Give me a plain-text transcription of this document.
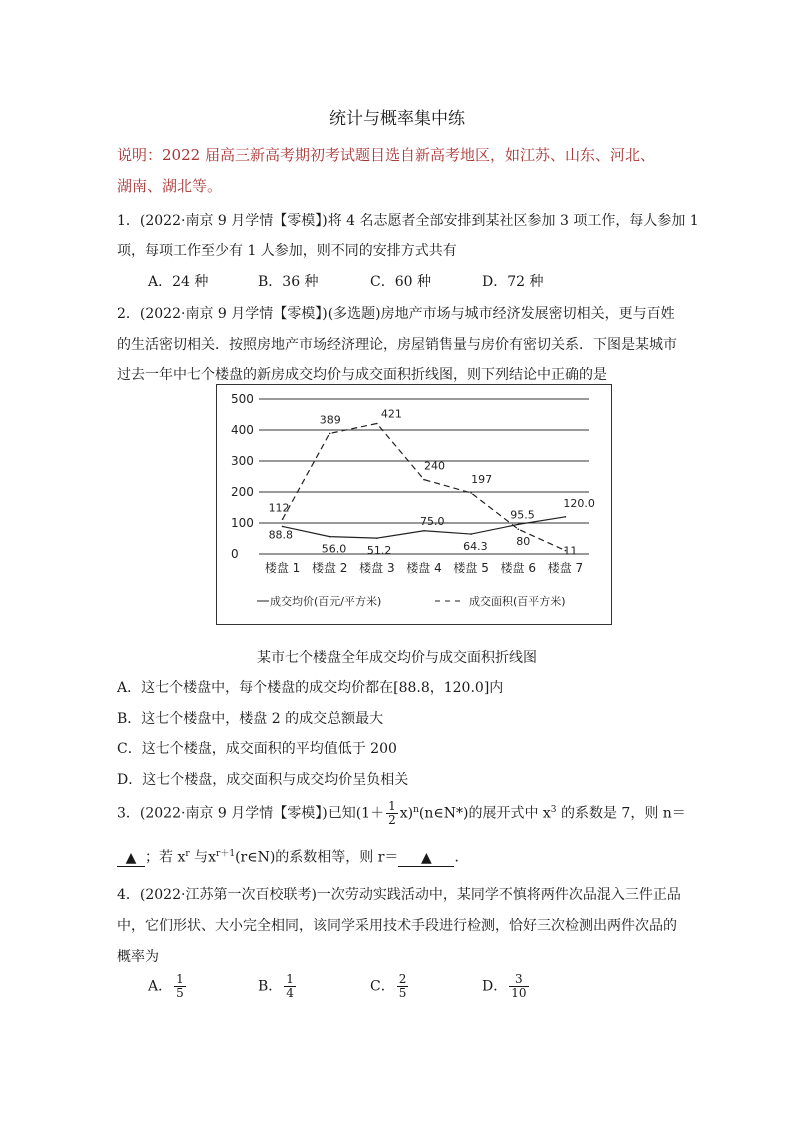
统计与概率集中练
说明：2022 届高三新高考期初考试题目选自新高考地区，如江苏、山东、河北、
湖南、湖北等。
1．(2022·南京 9 月学情【零模】)将 4 名志愿者全部安排到某社区参加 3 项工作，每人参加 1
项，每项工作至少有 1 人参加，则不同的安排方式共有
A．24 种	B．36 种	C．60 种	D．72 种
2．(2022·南京 9 月学情【零模】)(多选题)房地产市场与城市经济发展密切相关，更与百姓
的生活密切相关．按照房地产市场经济理论，房屋销售量与房价有密切关系．下图是某城市
过去一年中七个楼盘的新房成交均价与成交面积折线图，则下列结论中正确的是
0
100
200
300
400
500
楼盘 1 楼盘 2 楼盘 3 楼盘 4 楼盘 5 楼盘 6 楼盘 7
88.8
56.0 51.2
75.0
64.3
95.5
120.0
112
389	421
240
197
80
11
成交均价(百元/平方米)	成交面积(百平方米)
某市七个楼盘全年成交均价与成交面积折线图
A．这七个楼盘中，每个楼盘的成交均价都在[88.8，120.0]内
B．这七个楼盘中，楼盘 2 的成交总额最大
C．这七个楼盘，成交面积的平均值低于 200
D．这七个楼盘，成交面积与成交均价呈负相关
3．(2022·南京 9 月学情【零模】)已知($1+ \frac{1}{2}$ $x)^n(n\in N*)$的展开式中 $x^3$ 的系数是 7，则 n＝
▲ ；若 $x^r$ 与$x^{r+1}(r\in N)$的系数相等，则 r＝ ▲ ．
4．(2022·江苏第一次百校联考)一次劳动实践活动中，某同学不慎将两件次品混入三件正品
中，它们形状、大小完全相同，该同学采用技术手段进行检测，恰好三次检测出两件次品的
概率为
A． $\frac{1}{5}$	B． $\frac{1}{4}$	C． $\frac{2}{5}$	D． $\frac{3}{10}$
